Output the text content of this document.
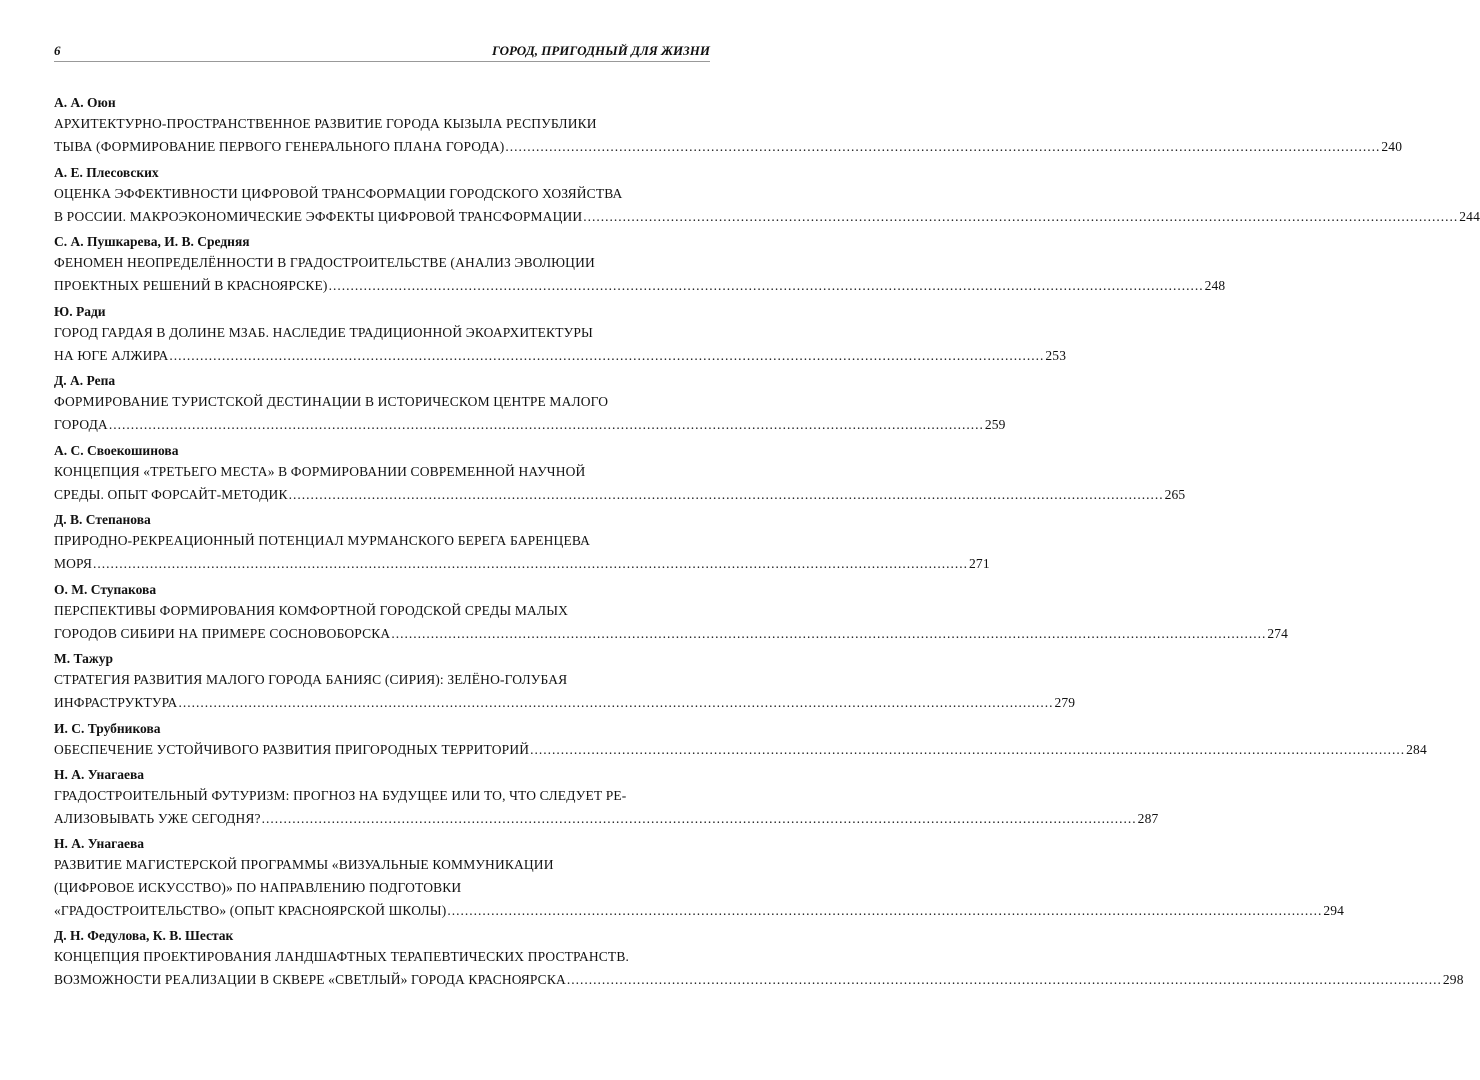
6	ГОРОД, ПРИГОДНЫЙ ДЛЯ ЖИЗНИ
А. А. Оюн
АРХИТЕКТУРНО-ПРОСТРАНСТВЕННОЕ РАЗВИТИЕ ГОРОДА КЫЗЫЛА РЕСПУБЛИКИ
ТЫВА (ФОРМИРОВАНИЕ ПЕРВОГО ГЕНЕРАЛЬНОГО ПЛАНА ГОРОДА) ........................................................................................................................................................................................................ 240
А. Е. Плесовских
ОЦЕНКА ЭФФЕКТИВНОСТИ ЦИФРОВОЙ ТРАНСФОРМАЦИИ ГОРОДСКОГО ХОЗЯЙСТВА
В РОССИИ. МАКРОЭКОНОМИЧЕСКИЕ ЭФФЕКТЫ ЦИФРОВОЙ ТРАНСФОРМАЦИИ ........................................................................................................................................................................................................ 244
С. А. Пушкарева, И. В. Средняя
ФЕНОМЕН НЕОПРЕДЕЛЁННОСТИ В ГРАДОСТРОИТЕЛЬСТВЕ (АНАЛИЗ ЭВОЛЮЦИИ
ПРОЕКТНЫХ РЕШЕНИЙ В КРАСНОЯРСКЕ) ........................................................................................................................................................................................................ 248
Ю. Ради
ГОРОД ГАРДАЯ В ДОЛИНЕ МЗАБ. НАСЛЕДИЕ ТРАДИЦИОННОЙ ЭКОАРХИТЕКТУРЫ
НА ЮГЕ АЛЖИРА ........................................................................................................................................................................................................ 253
Д. А. Репа
ФОРМИРОВАНИЕ ТУРИСТСКОЙ ДЕСТИНАЦИИ В ИСТОРИЧЕСКОМ ЦЕНТРЕ МАЛОГО
ГОРОДА ........................................................................................................................................................................................................ 259
А. С. Своекошинова
КОНЦЕПЦИЯ «ТРЕТЬЕГО МЕСТА» В ФОРМИРОВАНИИ СОВРЕМЕННОЙ НАУЧНОЙ
СРЕДЫ. ОПЫТ ФОРСАЙТ-МЕТОДИК ........................................................................................................................................................................................................ 265
Д. В. Степанова
ПРИРОДНО-РЕКРЕАЦИОННЫЙ ПОТЕНЦИАЛ МУРМАНСКОГО БЕРЕГА БАРЕНЦЕВА
МОРЯ ........................................................................................................................................................................................................ 271
О. М. Ступакова
ПЕРСПЕКТИВЫ ФОРМИРОВАНИЯ КОМФОРТНОЙ ГОРОДСКОЙ СРЕДЫ МАЛЫХ
ГОРОДОВ СИБИРИ НА ПРИМЕРЕ СОСНОВОБОРСКА ........................................................................................................................................................................................................ 274
М. Тажур
СТРАТЕГИЯ РАЗВИТИЯ МАЛОГО ГОРОДА БАНИЯС (СИРИЯ): ЗЕЛЁНО-ГОЛУБАЯ
ИНФРАСТРУКТУРА ........................................................................................................................................................................................................ 279
И. С. Трубникова
ОБЕСПЕЧЕНИЕ УСТОЙЧИВОГО РАЗВИТИЯ ПРИГОРОДНЫХ ТЕРРИТОРИЙ ........................................................................................................................................................................................................ 284
Н. А. Унагаева
ГРАДОСТРОИТЕЛЬНЫЙ ФУТУРИЗМ: ПРОГНОЗ НА БУДУЩЕЕ ИЛИ ТО, ЧТО СЛЕДУЕТ РЕ-
АЛИЗОВЫВАТЬ УЖЕ СЕГОДНЯ? ........................................................................................................................................................................................................ 287
Н. А. Унагаева
РАЗВИТИЕ МАГИСТЕРСКОЙ ПРОГРАММЫ «ВИЗУАЛЬНЫЕ КОММУНИКАЦИИ
(ЦИФРОВОЕ ИСКУССТВО)» ПО НАПРАВЛЕНИЮ ПОДГОТОВКИ
«ГРАДОСТРОИТЕЛЬСТВО» (ОПЫТ КРАСНОЯРСКОЙ ШКОЛЫ) ........................................................................................................................................................................................................ 294
Д. Н. Федулова, К. В. Шестак
КОНЦЕПЦИЯ ПРОЕКТИРОВАНИЯ ЛАНДШАФТНЫХ ТЕРАПЕВТИЧЕСКИХ ПРОСТРАНСТВ.
ВОЗМОЖНОСТИ РЕАЛИЗАЦИИ В СКВЕРЕ «СВЕТЛЫЙ» ГОРОДА КРАСНОЯРСКА ........................................................................................................................................................................................................ 298
